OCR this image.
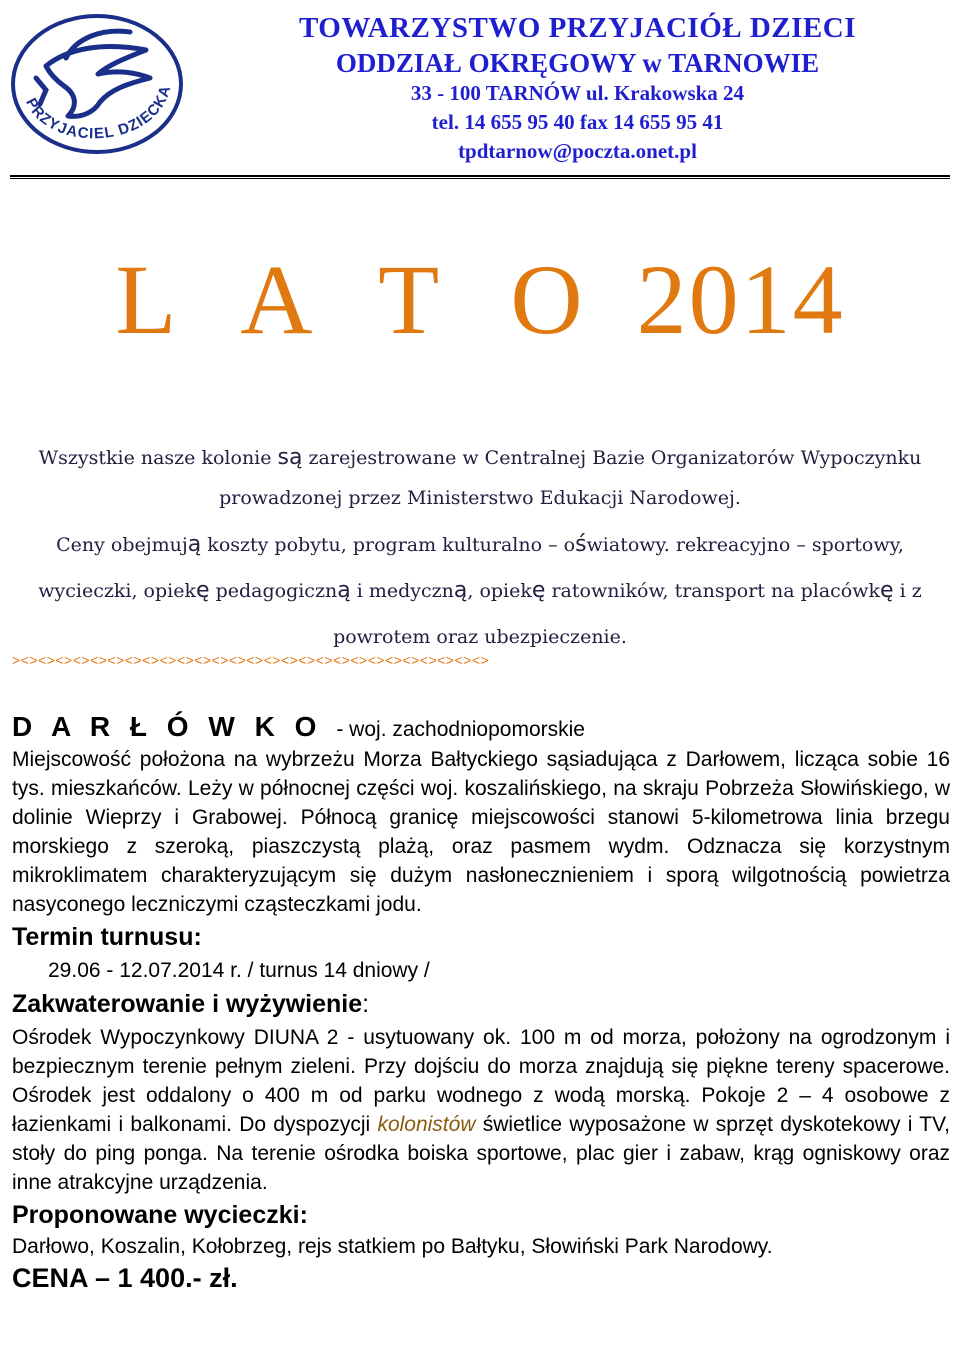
PRZYJACIEL DZIECKA
TOWARZYSTWO PRZYJACIÓŁ DZIECI
ODDZIAŁ OKRĘGOWY w TARNOWIE
33 - 100 TARNÓW ul. Krakowska 24
tel. 14 655 95 40 fax 14 655 95 41
tpdtarnow@poczta.onet.pl
L A T O 2014

Wszystkie nasze kolonie są zarejestrowane w Centralnej Bazie Organizatorów Wypoczynku prowadzonej przez Ministerstwo Edukacji Narodowej.

Ceny obejmują koszty pobytu, program kulturalno – oświatowy. rekreacyjno – sportowy, wycieczki, opiekę pedagogiczną i medyczną, opiekę ratowników, transport na placówkę i z powrotem oraz ubezpieczenie.

><><><><><><><><><><><><><><><><><><><><><><><><><><><>

D A R Ł Ó W K O - woj. zachodniopomorskie

Miejscowość położona na wybrzeżu Morza Bałtyckiego sąsiadująca z Darłowem, licząca sobie 16 tys. mieszkańców. Leży w północnej części woj. koszalińskiego, na skraju Pobrzeża Słowińskiego, w dolinie Wieprzy i Grabowej. Północą granicę miejscowości stanowi 5-kilometrowa linia brzegu morskiego z szeroką, piaszczystą plażą, oraz pasmem wydm. Odznacza się korzystnym mikroklimatem charakteryzującym się dużym nasłonecznieniem i sporą wilgotnością powietrza nasyconego leczniczymi cząsteczkami jodu.

Termin turnusu:

29.06 - 12.07.2014 r. / turnus 14 dniowy /

Zakwaterowanie i wyżywienie:

Ośrodek Wypoczynkowy DIUNA 2 - usytuowany ok. 100 m od morza, położony na ogrodzonym i bezpiecznym terenie pełnym zieleni. Przy dojściu do morza znajdują się piękne tereny spacerowe. Ośrodek jest oddalony o 400 m od parku wodnego z wodą morską. Pokoje 2 – 4 osobowe z łazienkami i balkonami. Do dyspozycji kolonistów świetlice wyposażone w sprzęt dyskotekowy i TV, stoły do ping ponga. Na terenie ośrodka boiska sportowe, plac gier i zabaw, krąg ogniskowy oraz inne atrakcyjne urządzenia.

Proponowane wycieczki:

Darłowo, Koszalin, Kołobrzeg, rejs statkiem po Bałtyku, Słowiński Park Narodowy.

CENA – 1 400.- zł.
